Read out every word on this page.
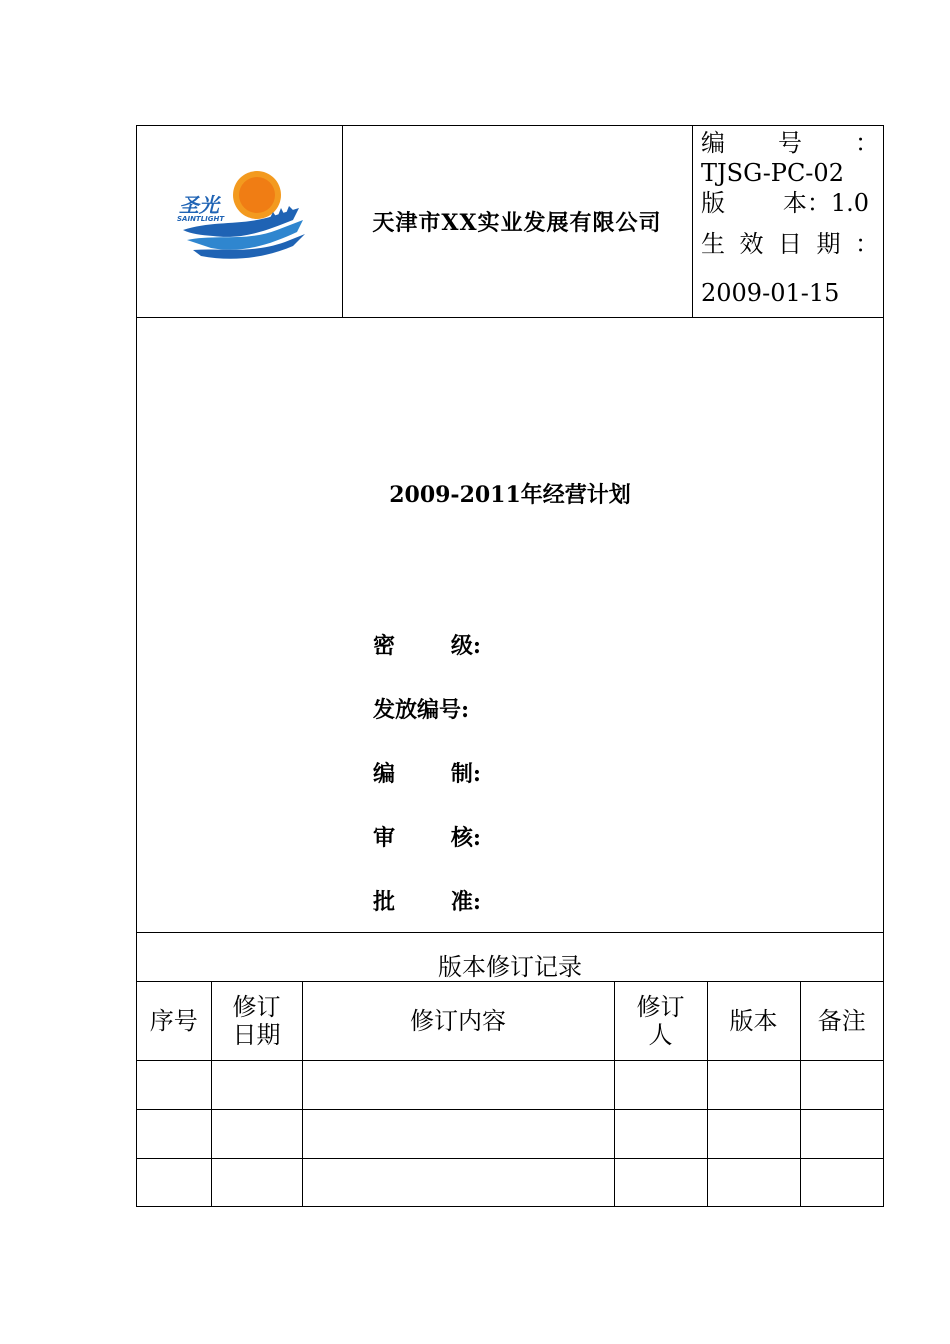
圣光
SAINTLIGHT	天津市XX实业发展有限公司
编 号 ：
TJSG-PC-02
版 本：1.0
生 效 日 期 ：
2009-01-15
2009-2011年经营计划
密	级:
发放编号:
编	制:
审	核:
批	准:
版本修订记录
序号	修订日期	修订内容	修订人	版本	备注
